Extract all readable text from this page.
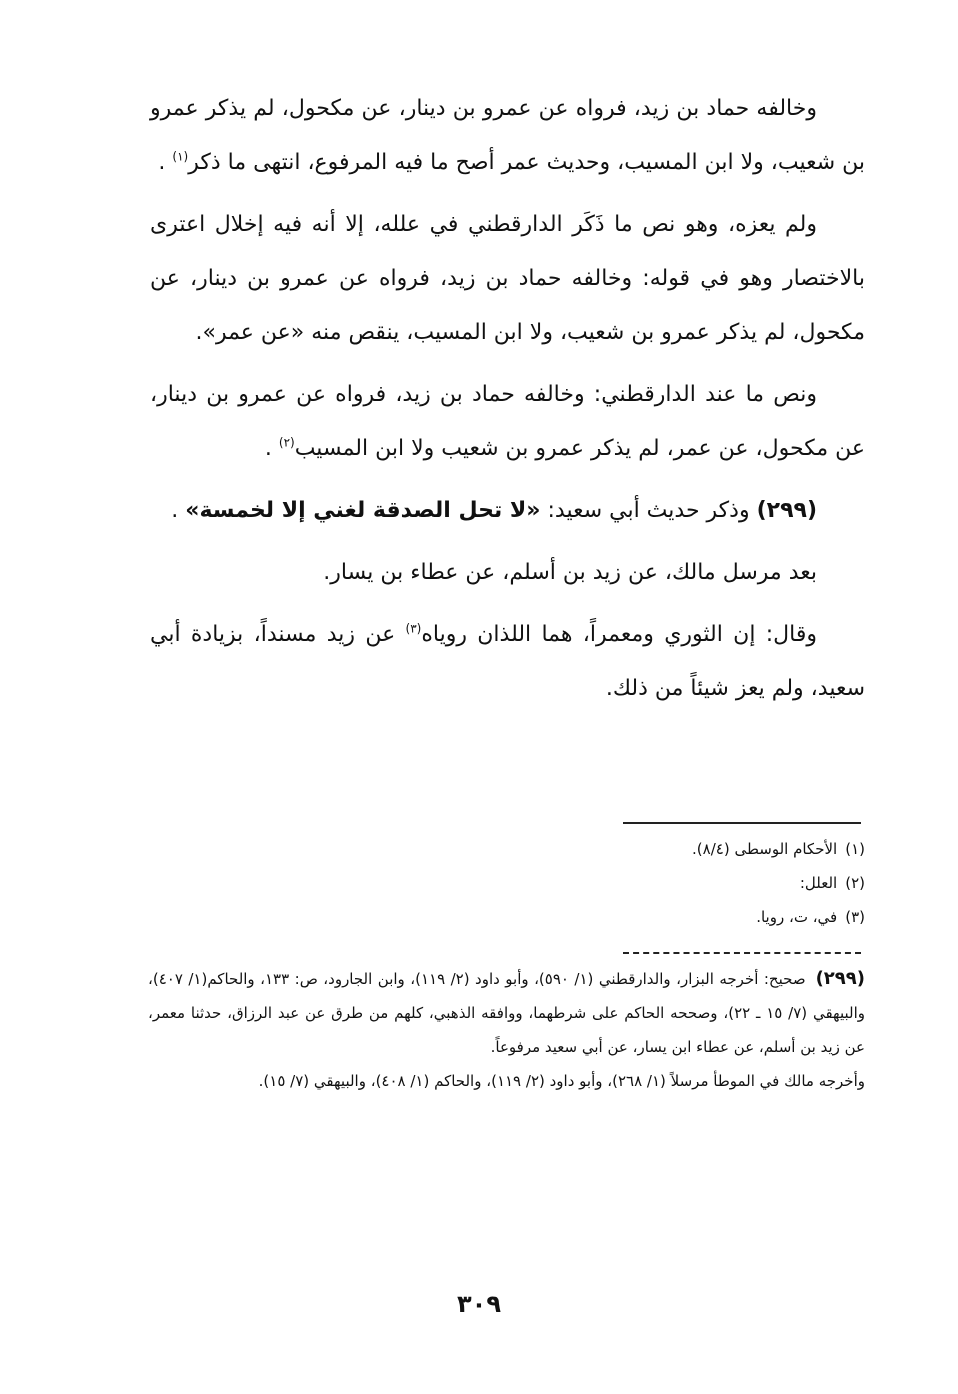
وخالفه حماد بن زيد، فرواه عن عمرو بن دينار، عن مكحول، لم يذكر عمرو بن شعيب، ولا ابن المسيب، وحديث عمر أصح ما فيه المرفوع، انتهى ما ذكر$^{(١)}$ .

ولم يعزه، وهو نص ما ذَكَر الدارقطني في علله، إلا أنه فيه إخلال اعترى بالاختصار وهو في قوله: وخالفه حماد بن زيد، فرواه عن عمرو بن دينار، عن مكحول، لم يذكر عمرو بن شعيب، ولا ابن المسيب، ينقص منه «عن عمر».

ونص ما عند الدارقطني: وخالفه حماد بن زيد، فرواه عن عمرو بن دينار، عن مكحول، عن عمر، لم يذكر عمرو بن شعيب ولا ابن المسيب$^{(٢)}$ .

(٢٩٩) وذكر حديث أبي سعيد: «لا تحل الصدقة لغني إلا لخمسة» .

بعد مرسل مالك، عن زيد بن أسلم، عن عطاء بن يسار.

وقال: إن الثوري ومعمراً، هما اللذان روياه$^{(٣)}$ عن زيد مسنداً، بزيادة أبي سعيد، ولم يعز شيئاً من ذلك.

(١)الأحكام الوسطى (٨/٤).
(٢)العلل:
(٣)في، ت، رويا.

(٢٩٩)صحيح: أخرجه البزار، والدارقطني (١/ ٥٩٠)، وأبو داود (٢/ ١١٩)، وابن الجارود، ص: ١٣٣، والحاكم(١/ ٤٠٧)، والبيهقي (٧/ ١٥ ـ ٢٢)، وصححه الحاكم على شرطهما، ووافقه الذهبي، كلهم من طرق عن عبد الرزاق، حدثنا معمر، عن زيد بن أسلم، عن عطاء ابن يسار، عن أبي سعيد مرفوعاً.

وأخرجه مالك في الموطأ مرسلاً (١/ ٢٦٨)، وأبو داود (٢/ ١١٩)، والحاكم (١/ ٤٠٨)، والبيهقي (٧/ ١٥).

٣٠٩
